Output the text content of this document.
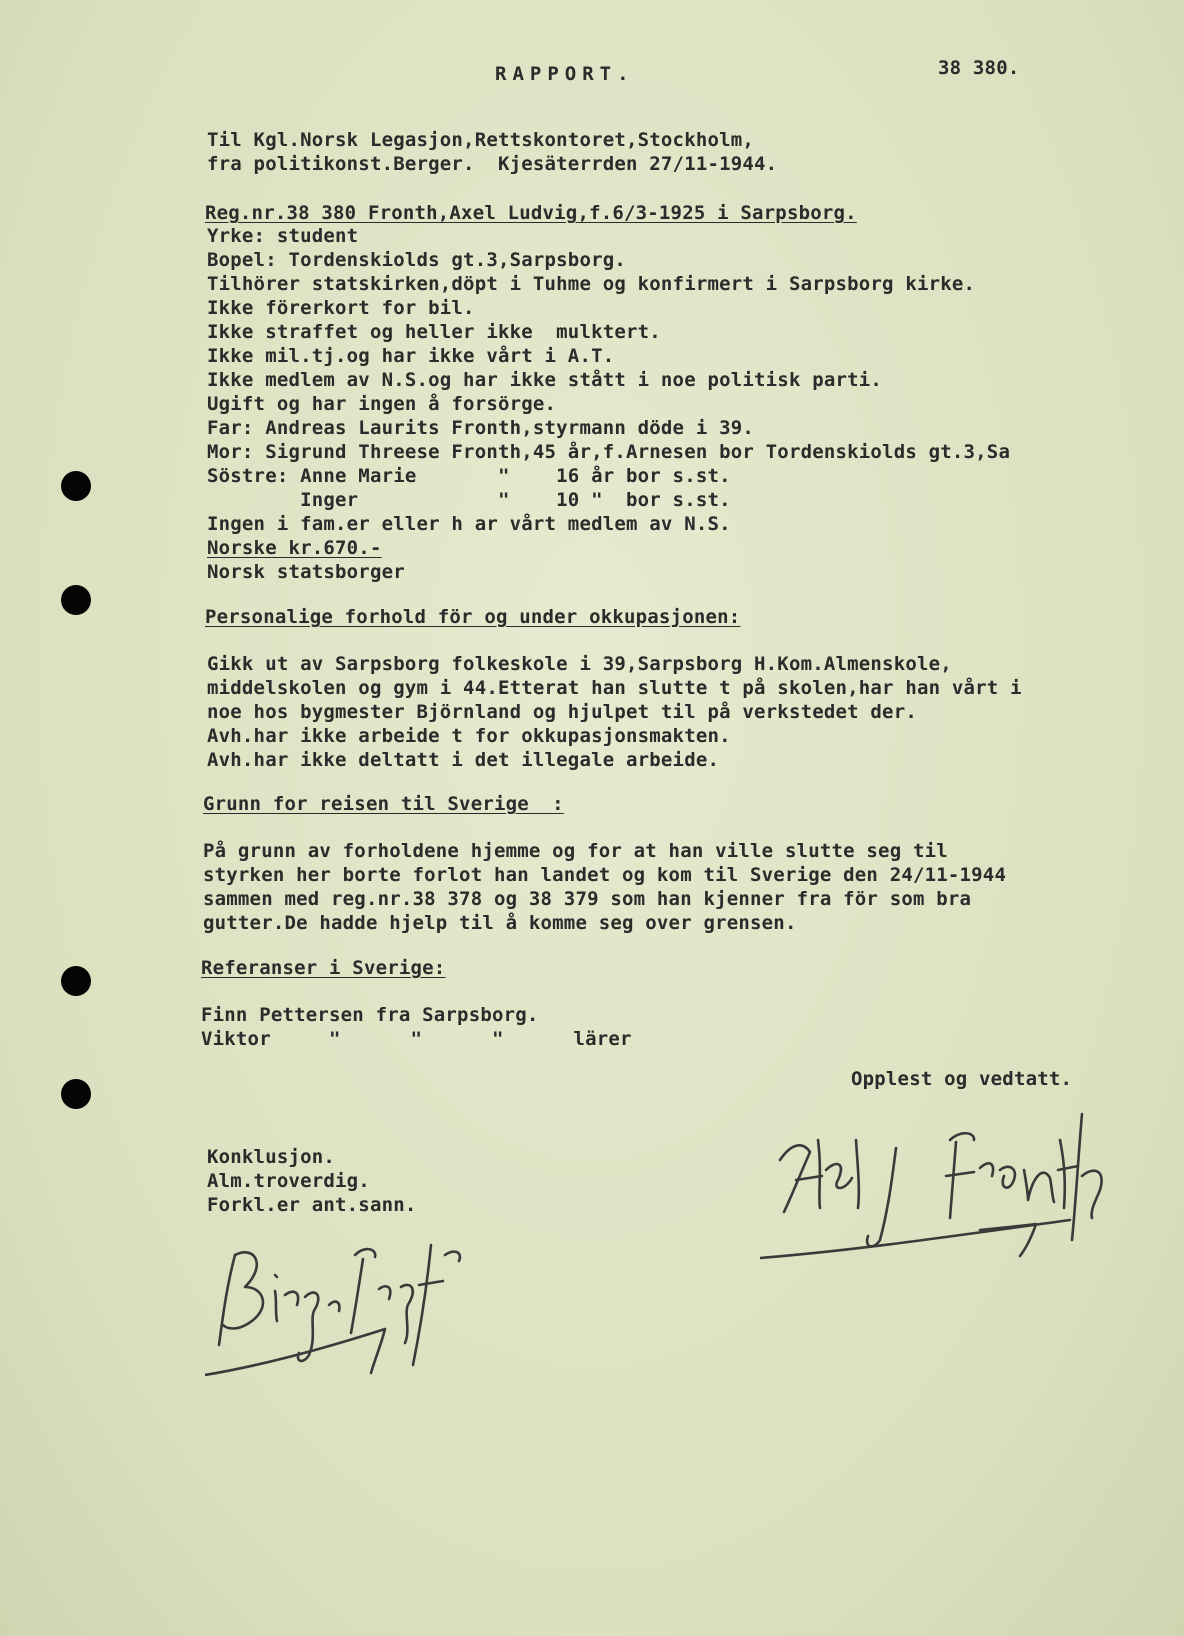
RAPPORT.	38 380.
Til Kgl.Norsk Legasjon,Rettskontoret,Stockholm,
fra politikonst.Berger.  Kjesäterrden 27/11-1944.
Reg.nr.38 380 Fronth,Axel Ludvig,f.6/3-1925 i Sarpsborg.
Yrke: student
Bopel: Tordenskiolds gt.3,Sarpsborg.
Tilhörer statskirken,döpt i Tuhme og konfirmert i Sarpsborg kirke.
Ikke förerkort for bil.
Ikke straffet og heller ikke  mulktert.
Ikke mil.tj.og har ikke vårt i A.T.
Ikke medlem av N.S.og har ikke stått i noe politisk parti.
Ugift og har ingen å forsörge.
Far: Andreas Laurits Fronth,styrmann döde i 39.
Mor: Sigrund Threese Fronth,45 år,f.Arnesen bor Tordenskiolds gt.3,Sa
Söstre: Anne Marie       "    16 år bor s.st.
Inger            "    10 "  bor s.st.
Ingen i fam.er eller h ar vårt medlem av N.S.
Norske kr.670.-
Norsk statsborger
Personalige forhold för og under okkupasjonen:
Gikk ut av Sarpsborg folkeskole i 39,Sarpsborg H.Kom.Almenskole,
middelskolen og gym i 44.Etterat han slutte t på skolen,har han vårt i
noe hos bygmester Björnland og hjulpet til på verkstedet der.
Avh.har ikke arbeide t for okkupasjonsmakten.
Avh.har ikke deltatt i det illegale arbeide.
Grunn for reisen til Sverige  :
På grunn av forholdene hjemme og for at han ville slutte seg til
styrken her borte forlot han landet og kom til Sverige den 24/11-1944
sammen med reg.nr.38 378 og 38 379 som han kjenner fra för som bra
gutter.De hadde hjelp til å komme seg over grensen.
Referanser i Sverige:
Finn Pettersen fra Sarpsborg.
Viktor     "      "      "      lärer
Opplest og vedtatt.
Konklusjon.
Alm.troverdig.
Forkl.er ant.sann.
